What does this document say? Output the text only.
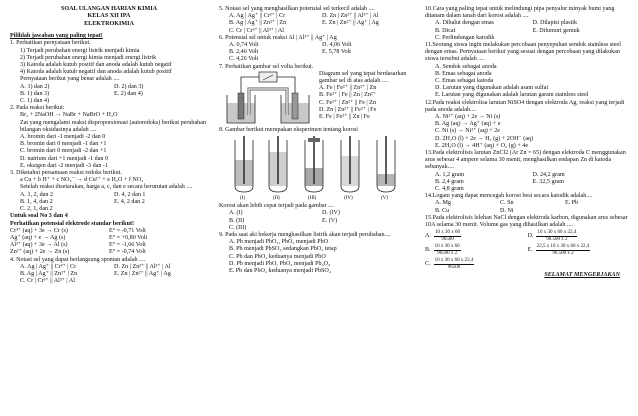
SOAL ULANGAN HARIAN KIMIA
KELAS XII IPA
ELEKTROKIMIA
Pilihlah jawaban yang paling tepat!
1. Perhatikan pernyataan berikut.
1) Terjadi perubahan energi listrik menjadi kimia
2) Terjadi perubahan energi kimia menjadi energi listrik
3) Katoda adalah kutub positif dan anoda adalah kutub negatif
4) Katoda adalah kutub negatif dan anoda adalah kutub positif
Pernyataan berikut yang benar adalah ....
A. 1) dan 2)	D. 2) dan 3)
B. 1) dan 3)	E. 2) dan 4)
C. 1) dan 4)
2. Pada reaksi berikut:
Br₂ + 2NaOH → NaBr + NaBrO + H₂O
Zat yang mengalami reaksi disproporsionasi (autoredoks) berikut perubahan bilangan oksidasinya adalah ....
A. bromin dari -1 menjadi -2 dan 0
B. bromin dari 0 menjadi -1 dan +1
C. bromin dari 0 menjadi -2 dan +1
D. natrium dari +1 menjadi -1 dan 0
E. oksigen dari -2 menjadi -3 dan -1
3. Diketahui persamaan reaksi redoks berikut.
a Cu + b H⁺ + c NO₃⁻ → d Cu²⁺ + e H₂O + f NO₂
Setelah reaksi disetarakan, harga a, c, dan e secara berurutan adalah ....
A. 1, 2, dan 2	D. 4, 2 dan 1
B. 1, 4, dan 2	E. 4, 2 dan 2
C. 2, 1, dan 2
Untuk soal No 3 dan 4
Perhatikan potensial elektrode standar berikut!
Cr³⁺ (aq) + 3e → Cr (s)	E° = -0,71 Volt
Ag⁺ (aq) + e → Ag (s)	E° = +0,80 Volt
Al³⁺ (aq) + 3e → Al (s)	E° = -1,66 Volt
Zn²⁺ (aq) + 2e → Zn (s)	E° = -0,74 Volt
4. Notasi sel yang dapat berlangsung spontan adalah ....
A. Ag | Ag⁺ || Cr³⁺ | Cr	D. Zn | Zn²⁺ || Al³⁺ | Al
B. Ag | Ag⁺ || Zn²⁺ | Zn	E. Zn | Zn²⁺ || Ag⁺ | Ag
C. Cr | Cr³⁺ || Al³⁺ | Al
5. Notasi sel yang menghasilkan potensial sel terkecil adalah ....
A. Ag | Ag⁺ || Cr³⁺ | Cr	D. Zn | Zn²⁺ || Al³⁺ | Al
B. Ag | Ag⁺ || Zn²⁺ | Zn	E. Zn | Zn²⁺ || Ag⁺ | Ag
C. Cr | Cr³⁺ || Al³⁺ | Al
6. Potensial sel untuk reaksi Al | Al³⁺ || Ag⁺ | Ag
A. 0,74 Volt	D. 4,06 Volt
B. 2,46 Volt	E. 5,78 Volt
C. 4,26 Volt
7. Perhatikan gambar sel volta berikut.
Diagram sel yang tepat berdasarkan gambar sel di atas adalah ....
A. Fe | Fe²⁺ || Zn²⁺ | Zn
B. Fe²⁺ | Fe || Zn | Zn²⁺
C. Fe²⁺ | Zn²⁺ || Fe | Zn
D. Zn | Zn²⁺ || Fe²⁺ | Fe
E. Fe | Fe²⁺ || Zn | Fe
8. Gambar berikut merupakan eksperimen tentang korosi
(I)	(II)	(III)	(IV)	(V)
Korosi akan lebih cepat terjadi pada gambar ....
A. (I)	D. (IV)
B. (II)	E. (V)
C. (III)
9. Pada saat aki bekerja menghasilkan listrik akan terjadi perubahan....
A. Pb menjadi PbO₂, PbO₂ menjadi PbO
B. Pb menjadi PbSO₄ sedangkan PbO₂ tetap
C. Pb dan PbO₂ keduanya menjadi PbO
D. Pb menjadi PbO, PbO₂ menjadi Pb₃O₄
E. Pb dan PbO₂ keduanya menjadi PbSO₄
10.Cara yang paling tepat untuk melindungi pipa penyalur minyak bumi yang ditanam dalam tanah dari korosi adalah ....
A. Dibalut dengan emas	D. Dilapisi plastik
B. Dicat	E. Dilumuri gemuk
C. Perlindungan katodik
11.Seorang siswa ingin melakukan percobaan penyepuhan sendok stainless steel dengan emas. Pernyataan berikut yang sesuai dengan percobaan yang dilakukan siswa tersebut adalah ....
A. Sendok sebagai anoda
B. Emas sebagai anoda
C. Emas sebagai katoda
D. Larutan yang digunakan adalah asam sulfat
E. Larutan yang digunakan adalah larutan garam stainless steel
12.Pada reaksi elektrolisa larutan NiSO4 dengan elektroda Ag, reaksi yang terjadi pada anoda adalah....
A. Ni²⁺ (aq) + 2e → Ni (s)
B. Ag (aq) → Ag⁺ (aq) + e
C. Ni (s) → Ni²⁺ (aq) + 2e
D. 2H₂O (l) + 2e → H₂ (g) + 2OH⁻ (aq)
E. 2H₂O (l) → 4H⁺ (aq) + O₂ (g) + 4e
13.Pada elektrolisis larutan ZnCl2 (Ar Zn = 65) dengan elektroda C menggunakan arus sebesar 4 ampere selama 30 menit, menghasilkan endapan Zn di katoda sebanyak....
A. 1,2 gram	D. 24,2 gram
B. 2,4 gram	E. 32,5 gram
C. 4,8 gram
14.Logam yang dapat mencegah korosi besi secara katodik adalah....
A. Mg	C. Sn	E. Pb
B. Cu	D. Ni
15.Pada elektrolisis lelehan NaCl dengan elektroda karbon, digunakan arus sebesar 10A selama 30 menit. Volume gas yang dihasilkan adalah ....
A. $\frac{10 x 30 x 60}{96500}$	D. $\frac{10 x 30 x 60 x 22,4}{96.500 x 2}$
B. $\frac{10 x 30 x 60}{96500 x 2}$	E. $\frac{22,5 x 10 x 30 x 60 x 22,4}{96.500 x 2}$
C. $\frac{10 x 30 x 60 x 22,4}{96500}$
SELAMAT MENGERJAKAN
